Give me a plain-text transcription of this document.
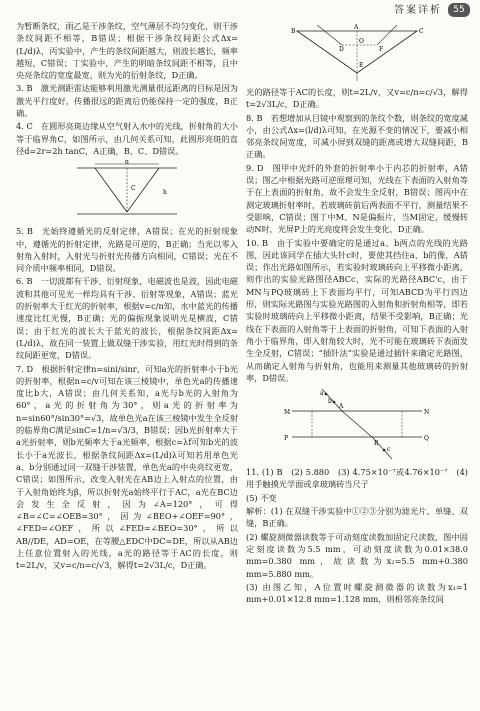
答案详析	55

为暂断条纹，雨乙是干涉条纹，空气薄层不均匀变化，则干涉条纹间距不相等，B错误；根据干涉条纹间距公式Δx=(L/d)λ，丙实验中，产生的条纹间距越大，则波长越长，频率越短，C错误；丁实验中，产生的明暗条纹间距不相等，且中央亮条纹的宽度最宽，则为光的衍射条纹，D正确。

3. B　激光测距雷达能够利用激光测量很远距离的目标是因为激光平行度好，传播很远的距离后仍能保持一定的强度，B正确。

4. C　在圆形亮斑边缘从空气射入水中的光线，折射角的大小等于临界角C，如图所示，由几何关系可知，此圆形亮斑的直径d=2r=2h tanC，A正确，B、C、D错误。

d
h
C

5. B　光始终遵循光的反射定律，A错误；在光的折射现象中，遵循光的折射定律，光路是可逆的，B正确；当光以零入射角入射时，入射光与折射光传播方向相同，C错误；光在不同介质中频率相同，D错误。

6. B　一切波都有干涉、衍射现象，电磁波也是波，因此电磁波和其他可见光一样均具有干涉、衍射等现象，A错误；蓝光的折射率大于红光的折射率，根据v=c/n知，水中蓝光的传播速度比红光慢，B正确；光的偏振现象说明光是横波，C错误；由于红光的波长大于蓝光的波长，根据条纹间距Δx=(L/d)λ，故在同一装置上做双缝干涉实验，用红光时得到的条纹间距更宽，D错误。

7. D　根据折射定律n=sini/sinr，可知a光的折射率小于b光的折射率，根据n=c/v可知在该三棱镜中，单色光a的传播速度比b大，A错误；由几何关系知，a光与b光的入射角为60°，a光的折射角为30°，则a光的折射率为n=sin60°/sin30°=√3，故单色光a在该三棱镜中发生全反射的临界角C满足sinC=1/n=√3/3，B错误；因b光折射率大于a光折射率，则b光频率大于a光频率，根据c=λf可知b光的波长小于a光波长，根据条纹间距Δx=(L/d)λ可知若用单色光a、b分别通过同一双缝干涉装置，单色光a的中央亮纹更宽，C错误；如图所示，改变入射光在AB边上入射点的位置，由于入射角始终为β，所以折射光a始终平行于AC，a光在BC边会发生全反射，因为∠A=120°，可得∠B=∠C=∠OEB=30°，因为∠BEO+∠OEF=90°，∠FED=∠OEF，所以∠FED=∠BEO=30°，所以AB//DE，AD=OE，在等腰△EDC中DC=DE，所以从AB边上任意位置射入的光线，a光的路径等于AC的长度，则t=2L/v，又v=c/n=c/√3，解得t=2√3L/c，D正确。

B	C
A
E
D	F
O

光的路径等于AC的长度，则t=2L/v，又v=c/n=c/√3，解得t=2√3L/c，D正确。

8. B　若想增加从目镜中观察到的条纹个数，则条纹的宽度减小，由公式Δx=(l/d)λ可知，在光源不变的情况下，要减小相邻亮条纹间宽度，可减小屏到双缝的距离或增大双缝间距，B正确。

9. D　图甲中光纤的外套的折射率小于内芯的折射率，A错误；图乙中根据光路可逆原理可知，光线在下表面的入射角等于在上表面的折射角，故不会发生全反射，B错误；图丙中在测定玻璃折射率时，若玻璃砖前后两表面不平行，测量结果不受影响，C错误；图丁中M、N是偏振片，当M固定，缓慢转动N时，光屏P上的光亮度将会发生变化，D正确。

10. B　由于实验中要确定的是通过a、b两点的光线的光路图，因此该同学在插大头针c时，要使其挡住a、b的像，A错误；作出光路如图所示，若实验时玻璃砖向上平移微小距离，则作出的实验光路图径ABCc，实际的光路径ABC'c，由于MN与PQ玻璃砖上下表面均平行，可知ABCD为平行四边形，则实际光路图与实验光路图的入射角和折射角相等，即若实验时玻璃砖向上平移微小距离，结果不受影响，B正确；光线在下表面的入射角等于上表面的折射角，可知下表面的入射角小于临界角，即入射角较大时，光不可能在玻璃砖下表面发生全反射，C错误；“插针法”实验是通过插针来确定光路图，从而确定入射角与折射角，也能用来测量其他玻璃砖的折射率，D错误。

M	N
P	Q
a
b
c
A
B

11. (1) B　(2) 5.880　(3) 4.75×10⁻⁷或4.76×10⁻⁷　(4) 用手触摸光学面或拿玻璃砖当尺子

(5) 不变

解析：(1) 在双缝干涉实验中①②③分别为滤光片、单缝、双缝，B正确。

(2) 螺旋测微器读数等于可动刻度读数加固定尺读数，图中固定刻度读数为5.5 mm，可动刻度读数为0.01×38.0 mm=0.380 mm，故读数为x₂=5.5 mm+0.380 mm=5.880 mm。

(3) 由图乙知，A位置时螺旋测微器的读数为x₁=1 mm+0.01×12.8 mm=1.128 mm，则相邻亮条纹间
